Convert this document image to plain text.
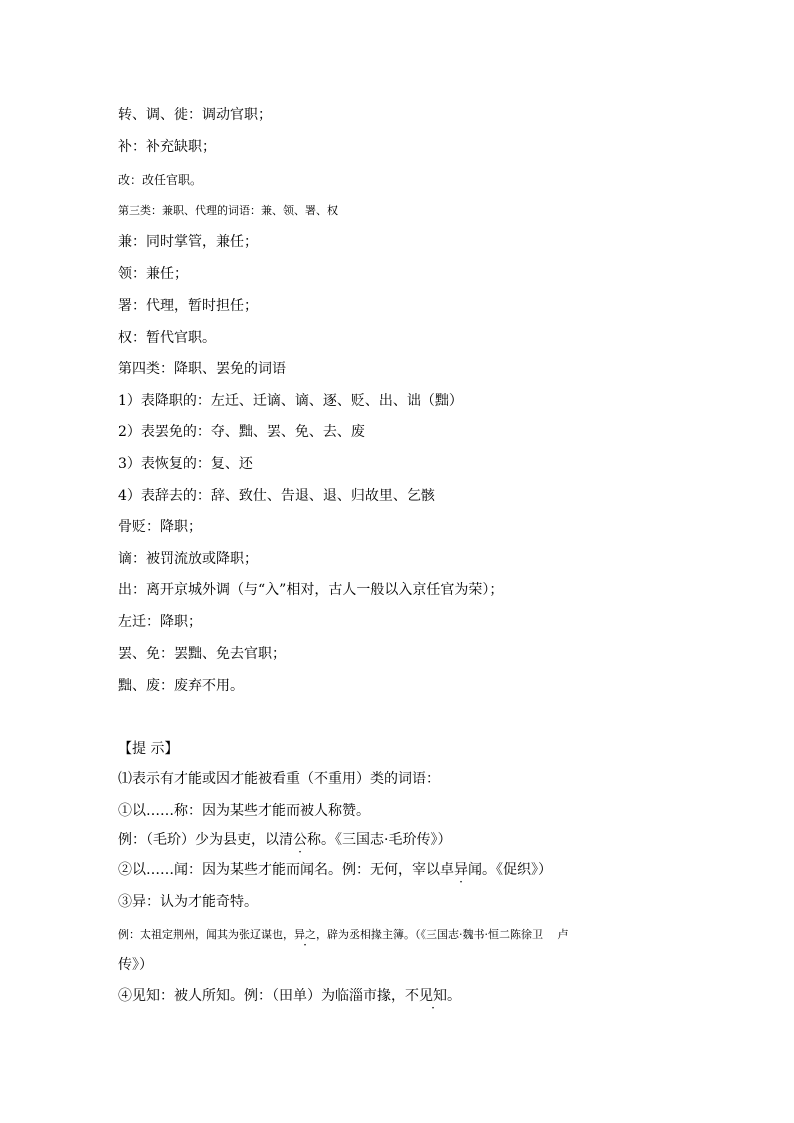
转、调、徙：调动官职；
补：补充缺职；
改：改任官职。
第三类：兼职、代理的词语：兼、领、署、权
兼：同时掌管，兼任；
领：兼任；
署：代理，暂时担任；
权：暂代官职。
第四类：降职、罢免的词语
1）表降职的：左迁、迁谪、谪、逐、贬、出、诎（黜）
2）表罢免的：夺、黜、罢、免、去、废
3）表恢复的：复、还
4）表辞去的：辞、致仕、告退、退、归故里、乞骸
骨贬：降职；
谪：被罚流放或降职；
出：离开京城外调（与“入”相对，古人一般以入京任官为荣）；
左迁：降职；
罢、免：罢黜、免去官职；
黜、废：废弃不用。
【提 示】
⑴表示有才能或因才能被看重（不重用）类的词语：
①以……称：因为某些才能而被人称赞。
例：（毛玠）少为县吏，以清公称。《三国志·毛玠传》）
②以……闻：因为某些才能而闻名。例：无何，宰以卓异闻。《促织》）
③异：认为才能奇特。
例：太祖定荆州，闻其为张辽谋也，异之，辟为丞相掾主簿。（《三国志·魏书·恒二陈徐卫　 卢
传》）
④见知：被人所知。例：（田单）为临淄市掾，不见知。
